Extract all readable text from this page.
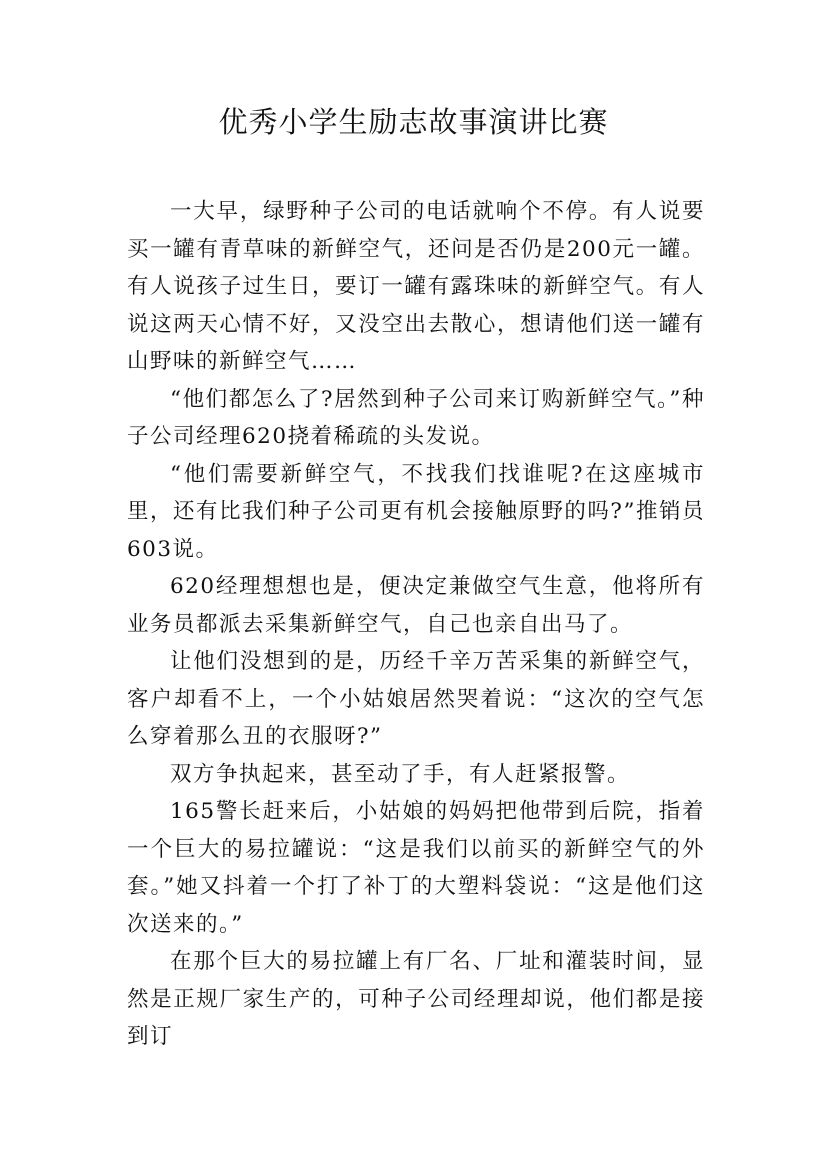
优秀小学生励志故事演讲比赛

一大早，绿野种子公司的电话就响个不停。有人说要买一罐有青草味的新鲜空气，还问是否仍是200元一罐。有人说孩子过生日，要订一罐有露珠味的新鲜空气。有人说这两天心情不好，又没空出去散心，想请他们送一罐有山野味的新鲜空气……

“他们都怎么了?居然到种子公司来订购新鲜空气。”种子公司经理620挠着稀疏的头发说。

“他们需要新鲜空气，不找我们找谁呢?在这座城市里，还有比我们种子公司更有机会接触原野的吗?”推销员603说。

620经理想想也是，便决定兼做空气生意，他将所有业务员都派去采集新鲜空气，自己也亲自出马了。

让他们没想到的是，历经千辛万苦采集的新鲜空气，客户却看不上，一个小姑娘居然哭着说：“这次的空气怎么穿着那么丑的衣服呀?”

双方争执起来，甚至动了手，有人赶紧报警。

165警长赶来后，小姑娘的妈妈把他带到后院，指着一个巨大的易拉罐说：“这是我们以前买的新鲜空气的外套。”她又抖着一个打了补丁的大塑料袋说：“这是他们这次送来的。”

在那个巨大的易拉罐上有厂名、厂址和灌装时间，显然是正规厂家生产的，可种子公司经理却说，他们都是接到订
